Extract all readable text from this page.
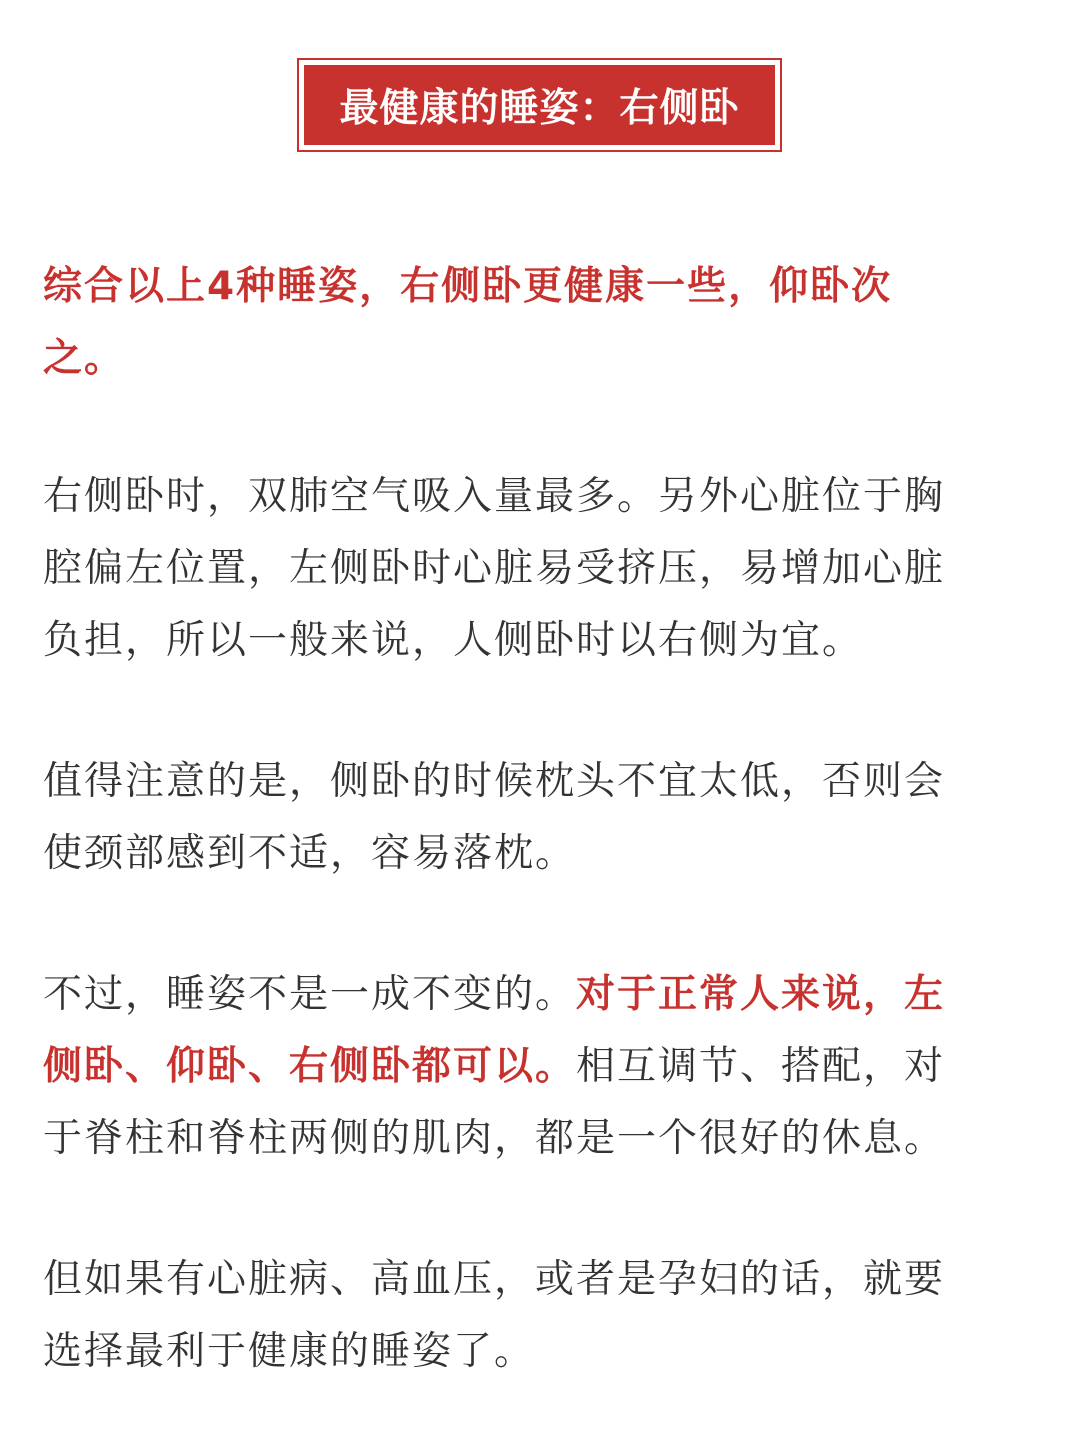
最健康的睡姿：右侧卧

综合以上4种睡姿，右侧卧更健康一些，仰卧次
之。

右侧卧时，双肺空气吸入量最多。另外心脏位于胸
腔偏左位置，左侧卧时心脏易受挤压，易增加心脏
负担，所以一般来说，人侧卧时以右侧为宜。

值得注意的是，侧卧的时候枕头不宜太低，否则会
使颈部感到不适，容易落枕。

不过，睡姿不是一成不变的。对于正常人来说，左
侧卧、仰卧、右侧卧都可以。相互调节、搭配，对
于脊柱和脊柱两侧的肌肉，都是一个很好的休息。

但如果有心脏病、高血压，或者是孕妇的话，就要
选择最利于健康的睡姿了。
